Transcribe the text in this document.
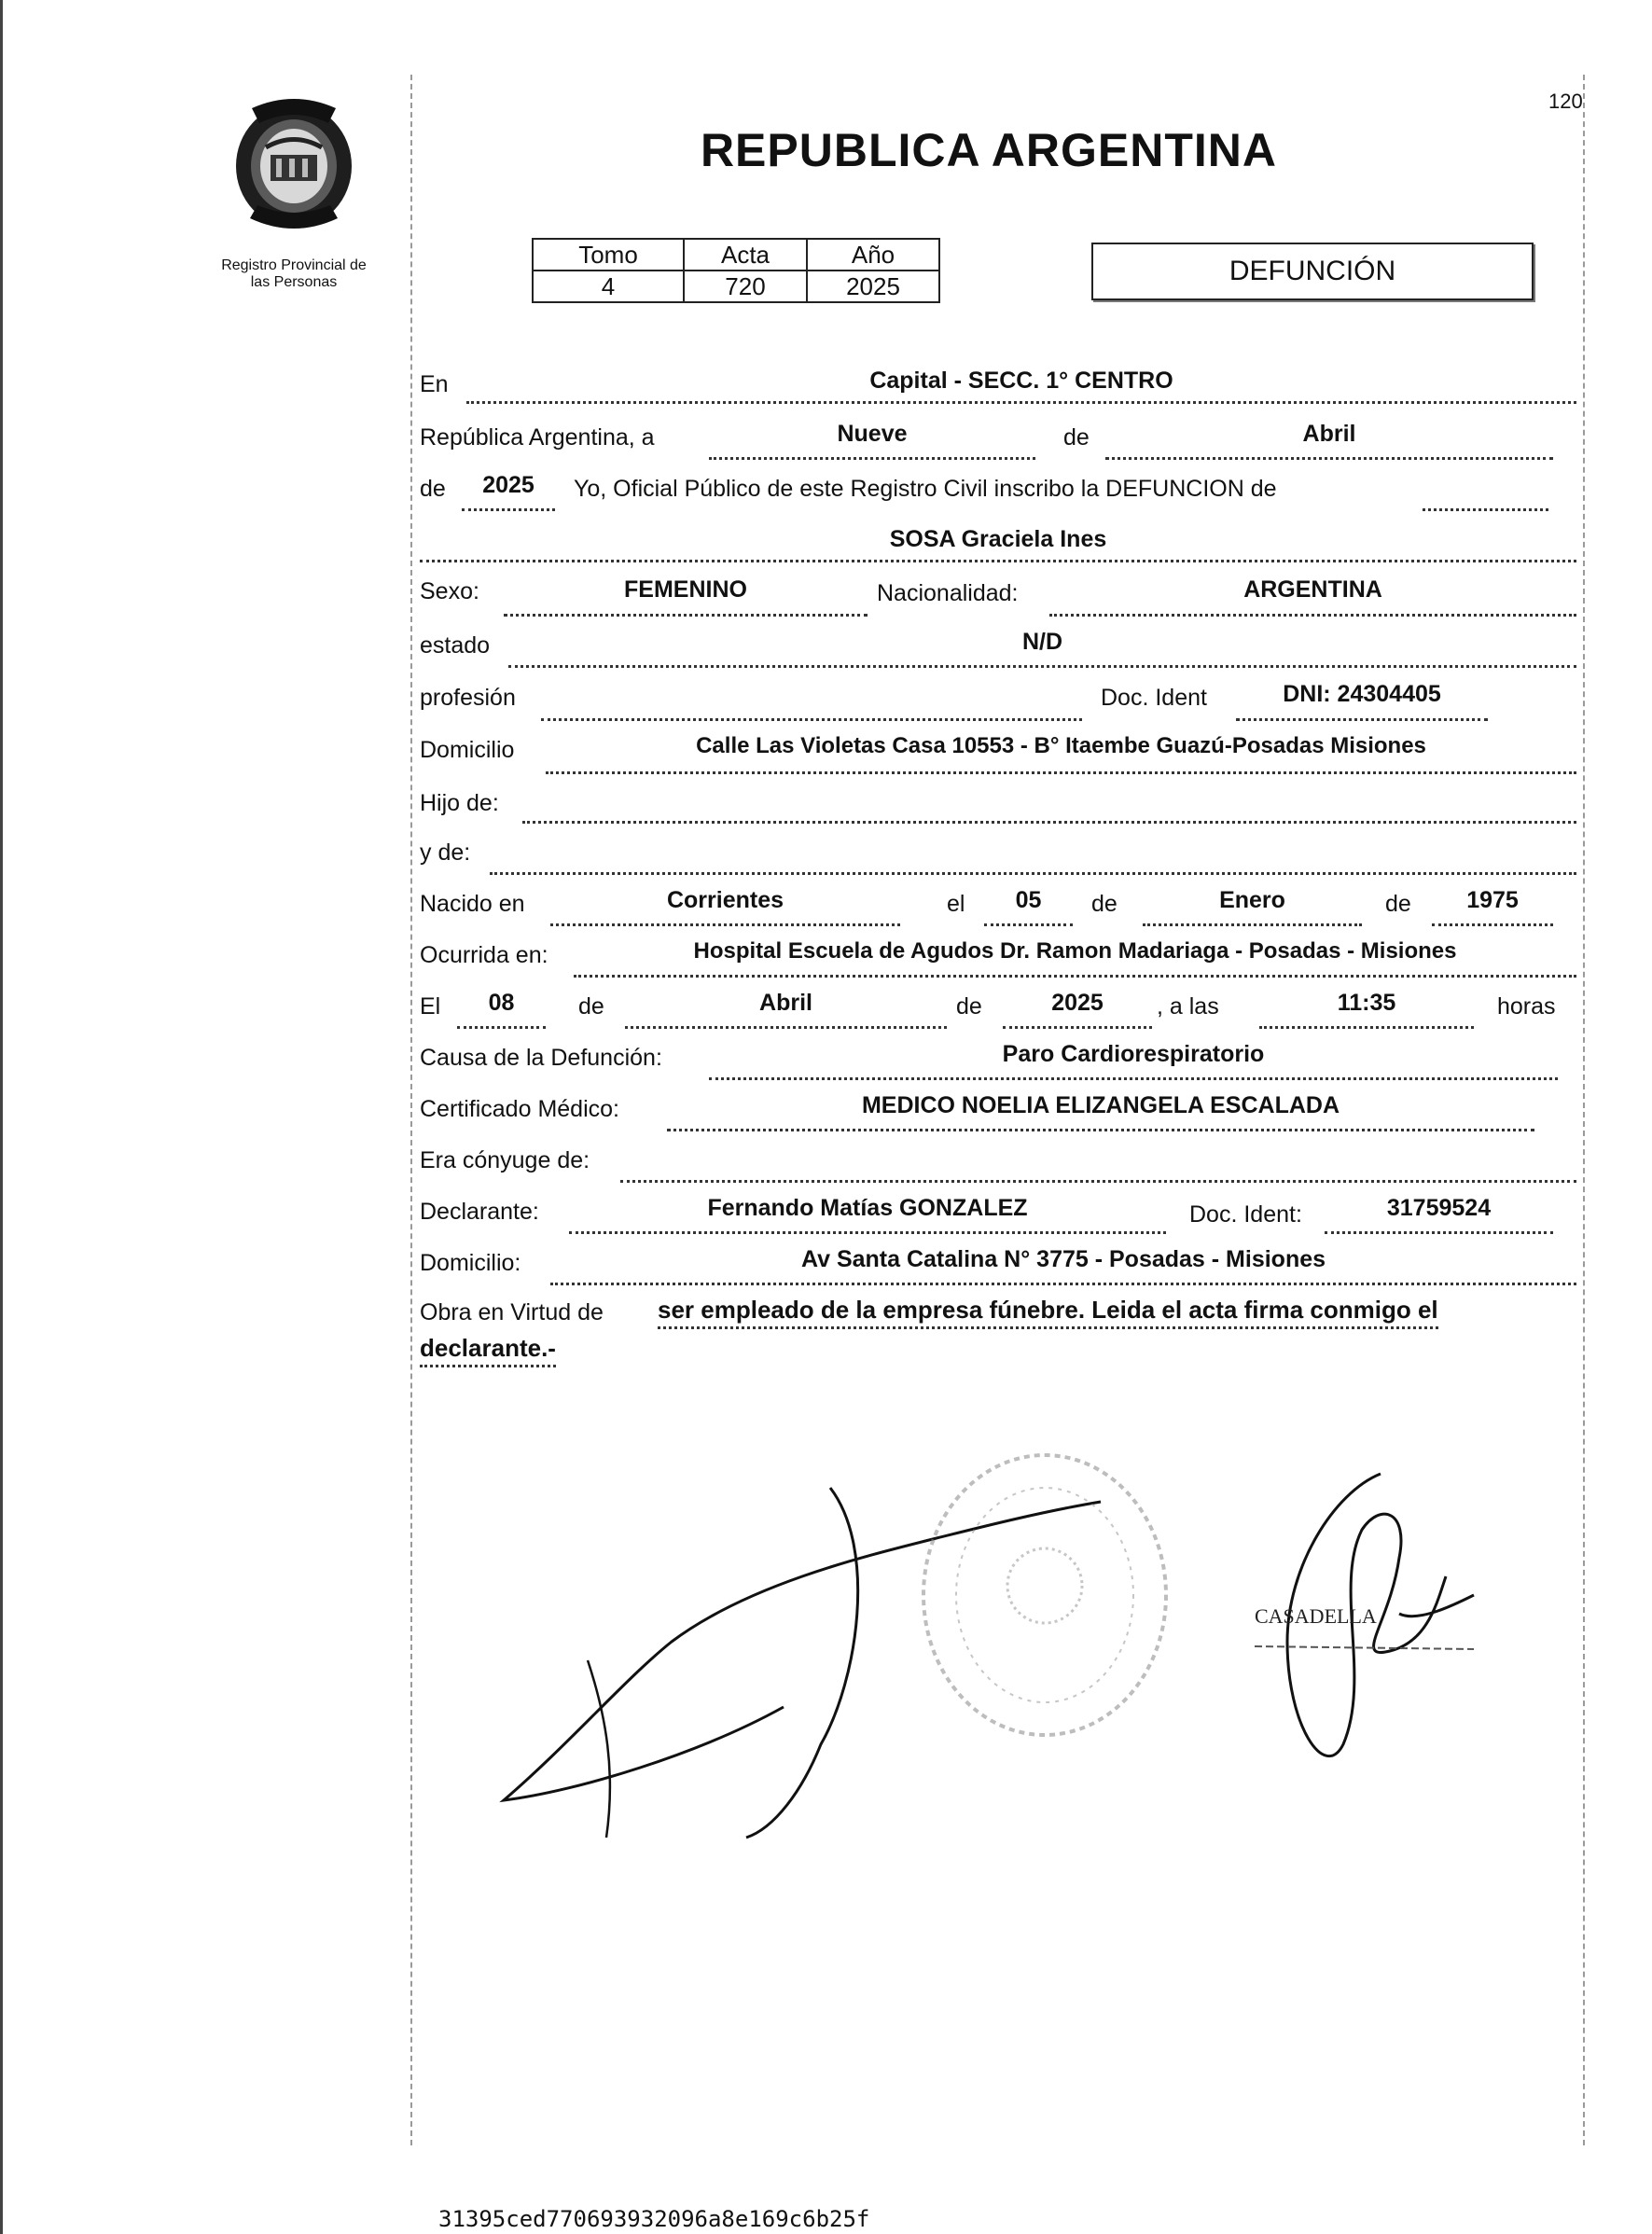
Registro Provincial de
las Personas
120
REPUBLICA ARGENTINA
Tomo	Acta	Año
4	720	2025	DEFUNCIÓN
En	Capital - SECC. 1° CENTRO
República Argentina, a	Nueve	de	Abril
de	2025	Yo, Oficial Público de este Registro Civil inscribo la DEFUNCION de
SOSA Graciela Ines
Sexo:	FEMENINO	Nacionalidad:	ARGENTINA
estado	N/D
profesión	Doc. Ident	DNI: 24304405
Domicilio	Calle Las Violetas Casa 10553 - B° Itaembe Guazú-Posadas Misiones
Hijo de:
y de:
Nacido en	Corrientes	el	05	de	Enero	de	1975
Ocurrida en:	Hospital Escuela de Agudos Dr. Ramon Madariaga - Posadas - Misiones
El	08	de	Abril	de	2025	, a las	11:35	horas
Causa de la Defunción:	Paro Cardiorespiratorio
Certificado Médico:	MEDICO NOELIA ELIZANGELA ESCALADA
Era cónyuge de:
Declarante:	Fernando Matías GONZALEZ	Doc. Ident:	31759524
Domicilio:	Av Santa Catalina N° 3775 - Posadas - Misiones
Obra en Virtud de ser empleado de la empresa fúnebre. Leida el acta firma conmigo el
declarante.-
CASADELLA
31395ced770693932096a8e169c6b25f
